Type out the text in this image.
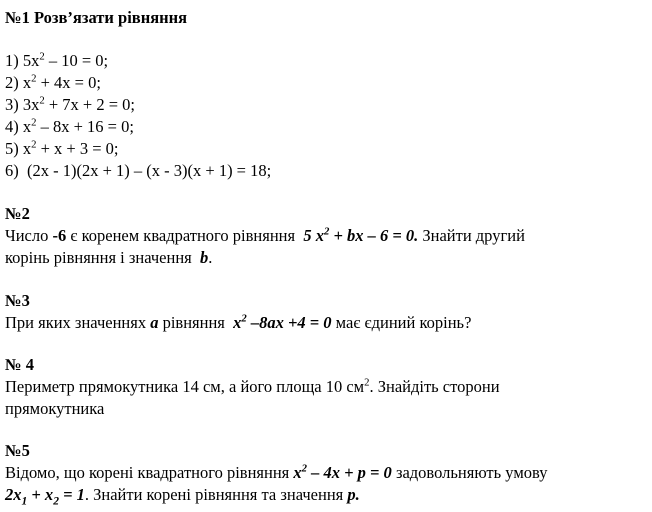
№1 Розв’язати рівняння
1) $5x^2 - 10 = 0$;
2) $x^2 + 4x = 0$;
3) $3x^2 + 7x + 2 = 0$;
4) $x^2 - 8x + 16 = 0$;
5) $x^2 + x + 3 = 0$;
6) (2x - 1)(2x + 1) – (x - 3)(x + 1) = 18;
№2
Число -6 є коренем квадратного рівняння  5 $x^2$ + bx – 6 = 0. Знайти другий
корінь рівняння і значення  b.
№3
При яких значеннях a рівняння  $x^2$ –8ax +4 = 0 має єдиний корінь?
№ 4
Периметр прямокутника 14 см, а його площа 10 $см^2$. Знайдіть сторони
прямокутника
№5
Відомо, що корені квадратного рівняння $x^2 - 4x + p = 0$ задовольняють умову
$2x_1 + x_2 = 1$. Знайти корені рівняння та значення p.
